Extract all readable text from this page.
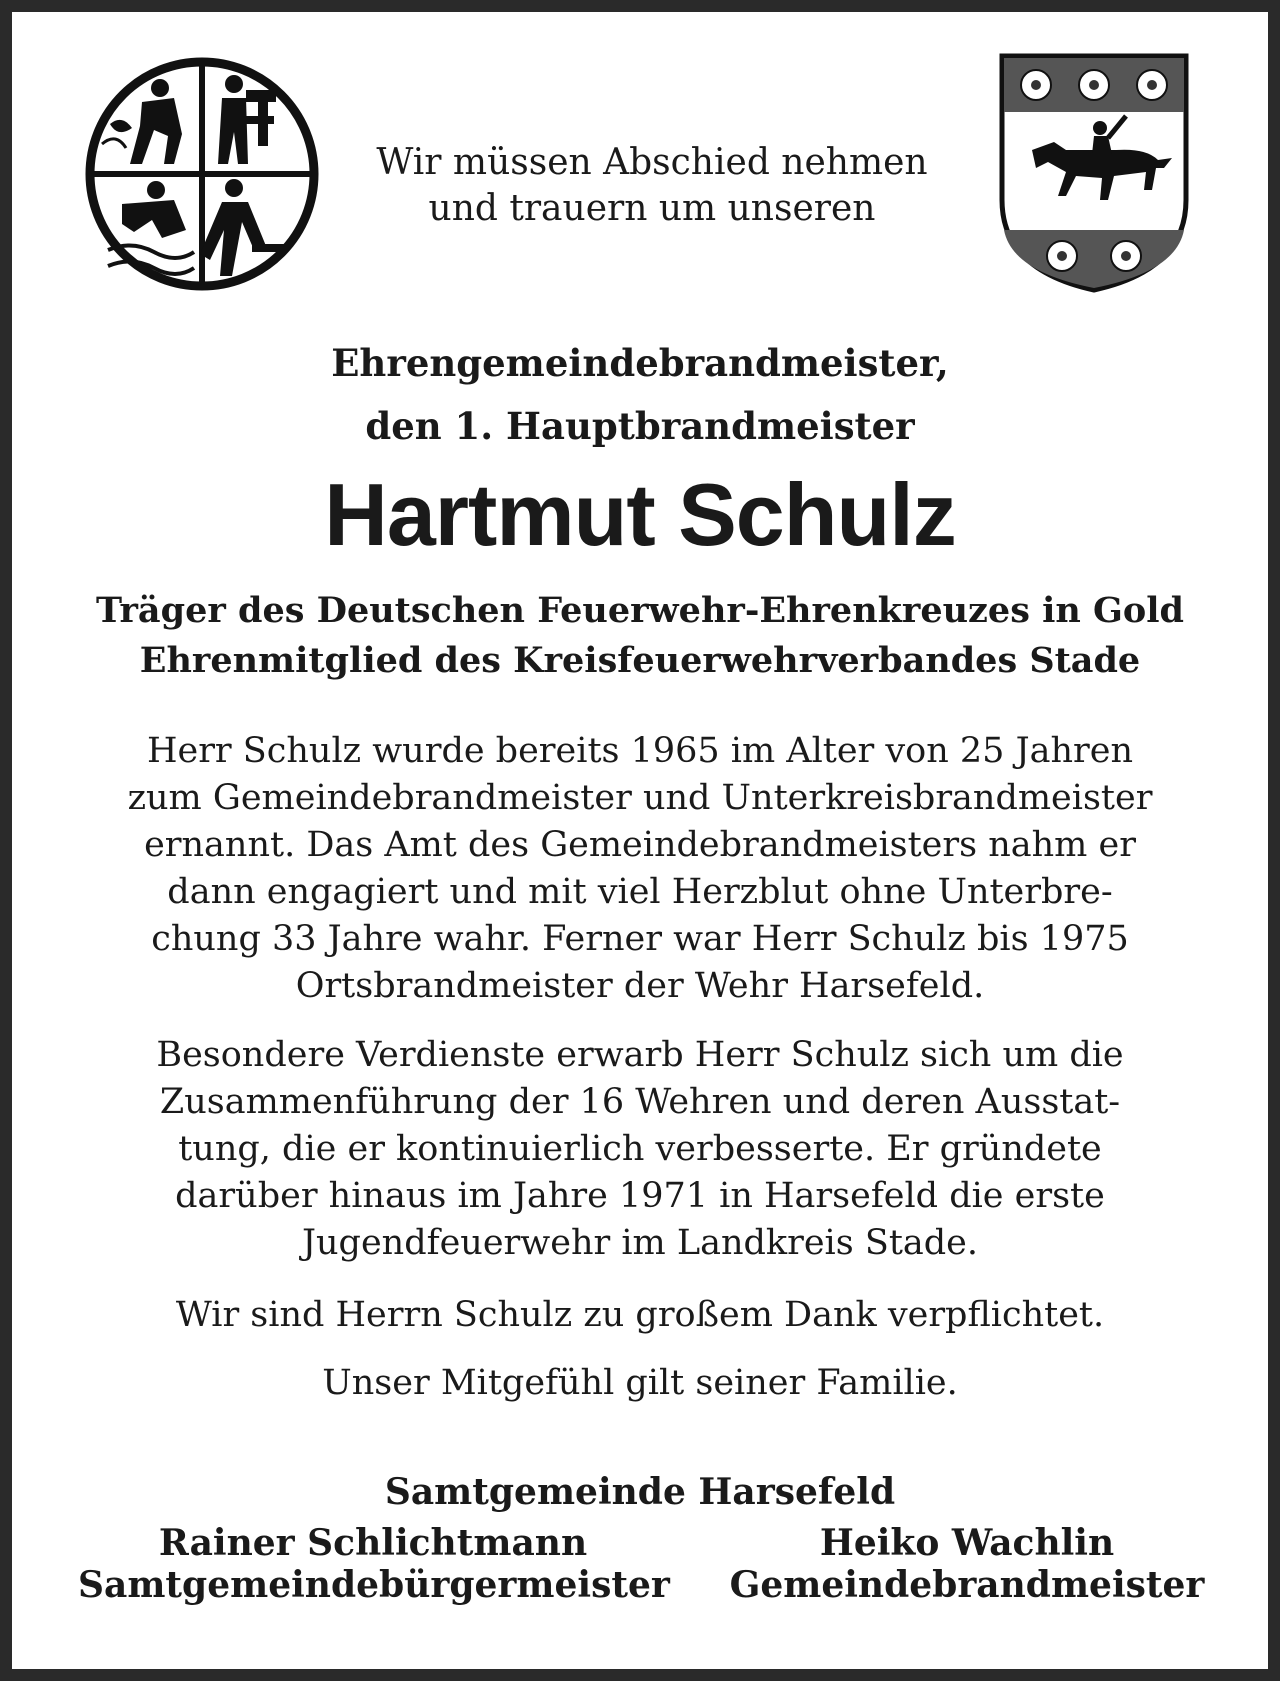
Wir müssen Abschied nehmen
und trauern um unseren
Ehrengemeindebrandmeister,
den 1. Hauptbrandmeister
Hartmut Schulz
Träger des Deutschen Feuerwehr-Ehrenkreuzes in Gold
Ehrenmitglied des Kreisfeuerwehrverbandes Stade
Herr Schulz wurde bereits 1965 im Alter von 25 Jahren
zum Gemeindebrandmeister und Unterkreisbrandmeister
ernannt. Das Amt des Gemeindebrandmeisters nahm er
dann engagiert und mit viel Herzblut ohne Unterbre-
chung 33 Jahre wahr. Ferner war Herr Schulz bis 1975
Ortsbrandmeister der Wehr Harsefeld.
Besondere Verdienste erwarb Herr Schulz sich um die
Zusammenführung der 16 Wehren und deren Ausstat-
tung, die er kontinuierlich verbesserte. Er gründete
darüber hinaus im Jahre 1971 in Harsefeld die erste
Jugendfeuerwehr im Landkreis Stade.
Wir sind Herrn Schulz zu großem Dank verpflichtet.
Unser Mitgefühl gilt seiner Familie.
Samtgemeinde Harsefeld
Rainer Schlichtmann
Samtgemeindebürgermeister
Heiko Wachlin
Gemeindebrandmeister
